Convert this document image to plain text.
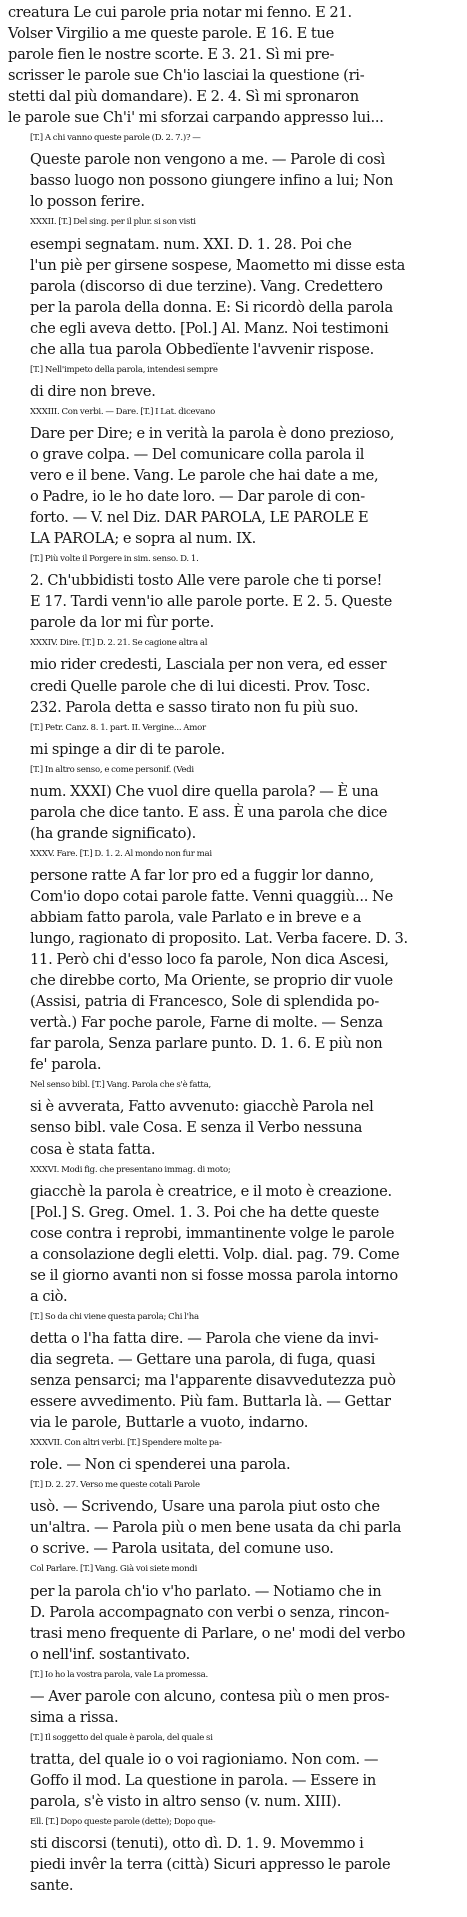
creatura Le cui parole pria notar mi fenno. E 21.
Volser Virgilio a me queste parole. E 16. E tue
parole fien le nostre scorte. E 3. 21. Sì mi pre-
scrisser le parole sue Ch'io lasciai la questione (ri-
stetti dal più domandare). E 2. 4. Sì mi spronaron
le parole sue Ch'i' mi sforzai carpando appresso lui...
[T.] A chi vanno queste parole (D. 2. 7.)? —
Queste parole non vengono a me. — Parole di così
basso luogo non possono giungere infino a lui; Non
lo posson ferire.
XXXII. [T.] Del sing. per il plur. si son visti
esempi segnatam. num. XXI. D. 1. 28. Poi che
l'un piè per girsene sospese, Maometto mi disse esta
parola (discorso di due terzine). Vang. Credettero
per la parola della donna. E: Si ricordò della parola
che egli aveva detto. [Pol.] Al. Manz. Noi testimoni
che alla tua parola Obbedïente l'avvenir rispose.
[T.] Nell'impeto della parola, intendesi sempre
di dire non breve.
XXXIII. Con verbi. — Dare. [T.] I Lat. dicevano
Dare per Dire; e in verità la parola è dono prezioso,
o grave colpa. — Del comunicare colla parola il
vero e il bene. Vang. Le parole che hai date a me,
o Padre, io le ho date loro. — Dar parole di con-
forto. — V. nel Diz. DAR PAROLA, LE PAROLE E
LA PAROLA; e sopra al num. IX.
[T.] Più volte il Porgere in sim. senso. D. 1.
2. Ch'ubbidisti tosto Alle vere parole che ti porse!
E 17. Tardi venn'io alle parole porte. E 2. 5. Queste
parole da lor mi fùr porte.
XXXIV. Dire. [T.] D. 2. 21. Se cagione altra al
mio rider credesti, Lasciala per non vera, ed esser
credi Quelle parole che di lui dicesti. Prov. Tosc.
232. Parola detta e sasso tirato non fu più suo.
[T.] Petr. Canz. 8. 1. part. II. Vergine... Amor
mi spinge a dir di te parole.
[T.] In altro senso, e come personif. (Vedi
num. XXXI) Che vuol dire quella parola? — È una
parola che dice tanto. E ass. È una parola che dice
(ha grande significato).
XXXV. Fare. [T.] D. 1. 2. Al mondo non fur mai
persone ratte A far lor pro ed a fuggir lor danno,
Com'io dopo cotai parole fatte. Venni quaggiù... Ne
abbiam fatto parola, vale Parlato e in breve e a
lungo, ragionato di proposito. Lat. Verba facere. D. 3.
11. Però chi d'esso loco fa parole, Non dica Ascesi,
che direbbe corto, Ma Oriente, se proprio dir vuole
(Assisi, patria di Francesco, Sole di splendida po-
vertà.) Far poche parole, Farne di molte. — Senza
far parola, Senza parlare punto. D. 1. 6. E più non
fe' parola.
Nel senso bibl. [T.] Vang. Parola che s'è fatta,
si è avverata, Fatto avvenuto: giacchè Parola nel
senso bibl. vale Cosa. E senza il Verbo nessuna
cosa è stata fatta.
XXXVI. Modi fig. che presentano immag. di moto;
giacchè la parola è creatrice, e il moto è creazione.
[Pol.] S. Greg. Omel. 1. 3. Poi che ha dette queste
cose contra i reprobi, immantinente volge le parole
a consolazione degli eletti. Volp. dial. pag. 79. Come
se il giorno avanti non si fosse mossa parola intorno
a ciò.
[T.] So da chi viene questa parola; Chi l'ha
detta o l'ha fatta dire. — Parola che viene da invi-
dia segreta. — Gettare una parola, di fuga, quasi
senza pensarci; ma l'apparente disavvedutezza può
essere avvedimento. Più fam. Buttarla là. — Gettar
via le parole, Buttarle a vuoto, indarno.
XXXVII. Con altri verbi. [T.] Spendere molte pa-
role. — Non ci spenderei una parola.
[T.] D. 2. 27. Verso me queste cotali Parole
usò. — Scrivendo, Usare una parola piut osto che
un'altra. — Parola più o men bene usata da chi parla
o scrive. — Parola usitata, del comune uso.
Col Parlare. [T.] Vang. Già voi siete mondi
per la parola ch'io v'ho parlato. — Notiamo che in
D. Parola accompagnato con verbi o senza, rincon-
trasi meno frequente di Parlare, o ne' modi del verbo
o nell'inf. sostantivato.
[T.] Io ho la vostra parola, vale La promessa.
— Aver parole con alcuno, contesa più o men pros-
sima a rissa.
[T.] Il soggetto del quale è parola, del quale si
tratta, del quale io o voi ragioniamo. Non com. —
Goffo il mod. La questione in parola. — Essere in
parola, s'è visto in altro senso (v. num. XIII).
Ell. [T.] Dopo queste parole (dette); Dopo que-
sti discorsi (tenuti), otto dì. D. 1. 9. Movemmo i
piedi invêr la terra (città) Sicuri appresso le parole
sante.
